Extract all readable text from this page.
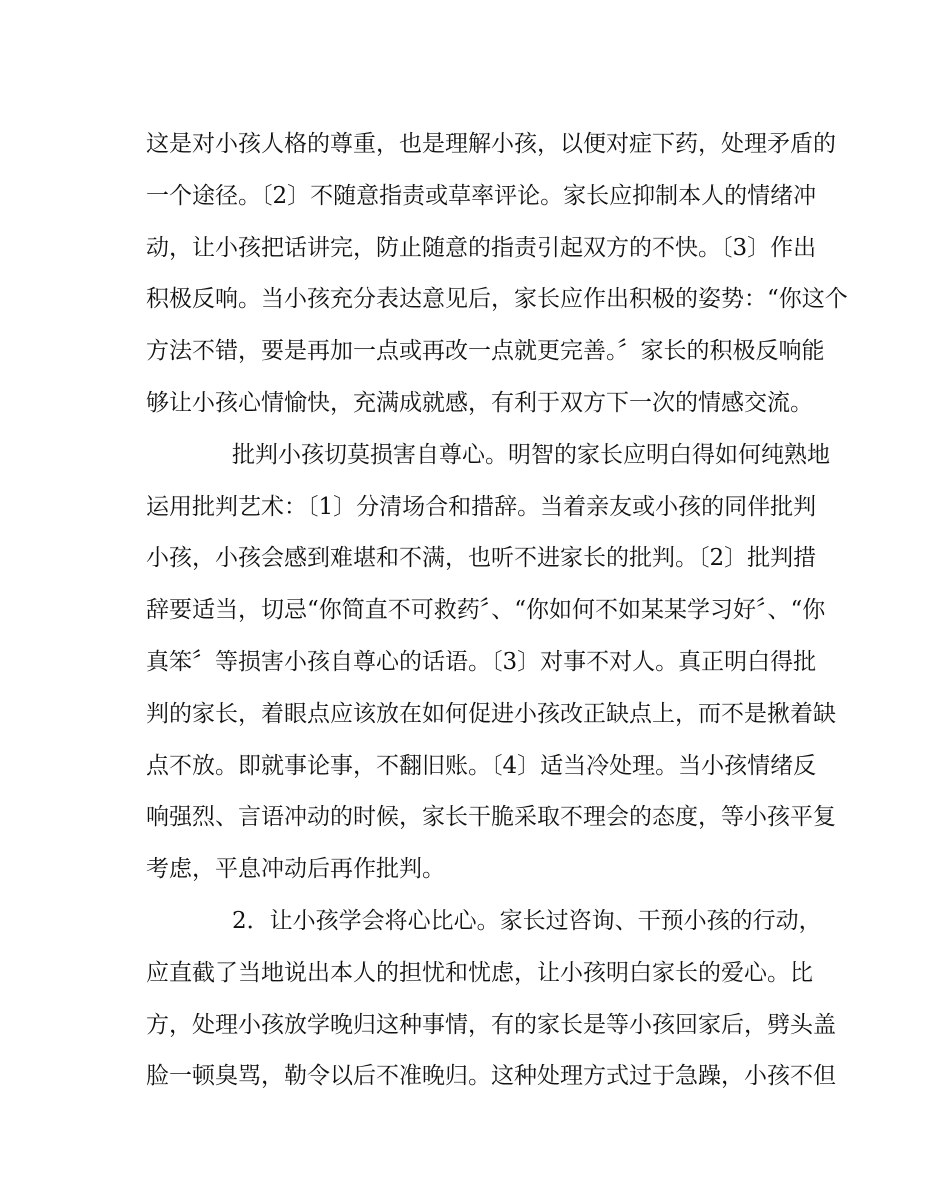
这是对小孩人格的尊重，也是理解小孩，以便对症下药，处理矛盾的
一个途径。〔2〕不随意指责或草率评论。家长应抑制本人的情绪冲
动，让小孩把话讲完，防止随意的指责引起双方的不快。〔3〕作出
积极反响。当小孩充分表达意见后，家长应作出积极的姿势：“你这个
方法不错，要是再加一点或再改一点就更完善。〞家长的积极反响能
够让小孩心情愉快，充满成就感，有利于双方下一次的情感交流。
批判小孩切莫损害自尊心。明智的家长应明白得如何纯熟地
运用批判艺术：〔1〕分清场合和措辞。当着亲友或小孩的同伴批判
小孩，小孩会感到难堪和不满，也听不进家长的批判。〔2〕批判措
辞要适当，切忌“你简直不可救药〞、“你如何不如某某学习好〞、“你
真笨〞等损害小孩自尊心的话语。〔3〕对事不对人。真正明白得批
判的家长，着眼点应该放在如何促进小孩改正缺点上，而不是揪着缺
点不放。即就事论事，不翻旧账。〔4〕适当冷处理。当小孩情绪反
响强烈、言语冲动的时候，家长干脆采取不理会的态度，等小孩平复
考虑，平息冲动后再作批判。
2．让小孩学会将心比心。家长过咨询、干预小孩的行动，
应直截了当地说出本人的担忧和忧虑，让小孩明白家长的爱心。比
方，处理小孩放学晚归这种事情，有的家长是等小孩回家后，劈头盖
脸一顿臭骂，勒令以后不准晚归。这种处理方式过于急躁，小孩不但
